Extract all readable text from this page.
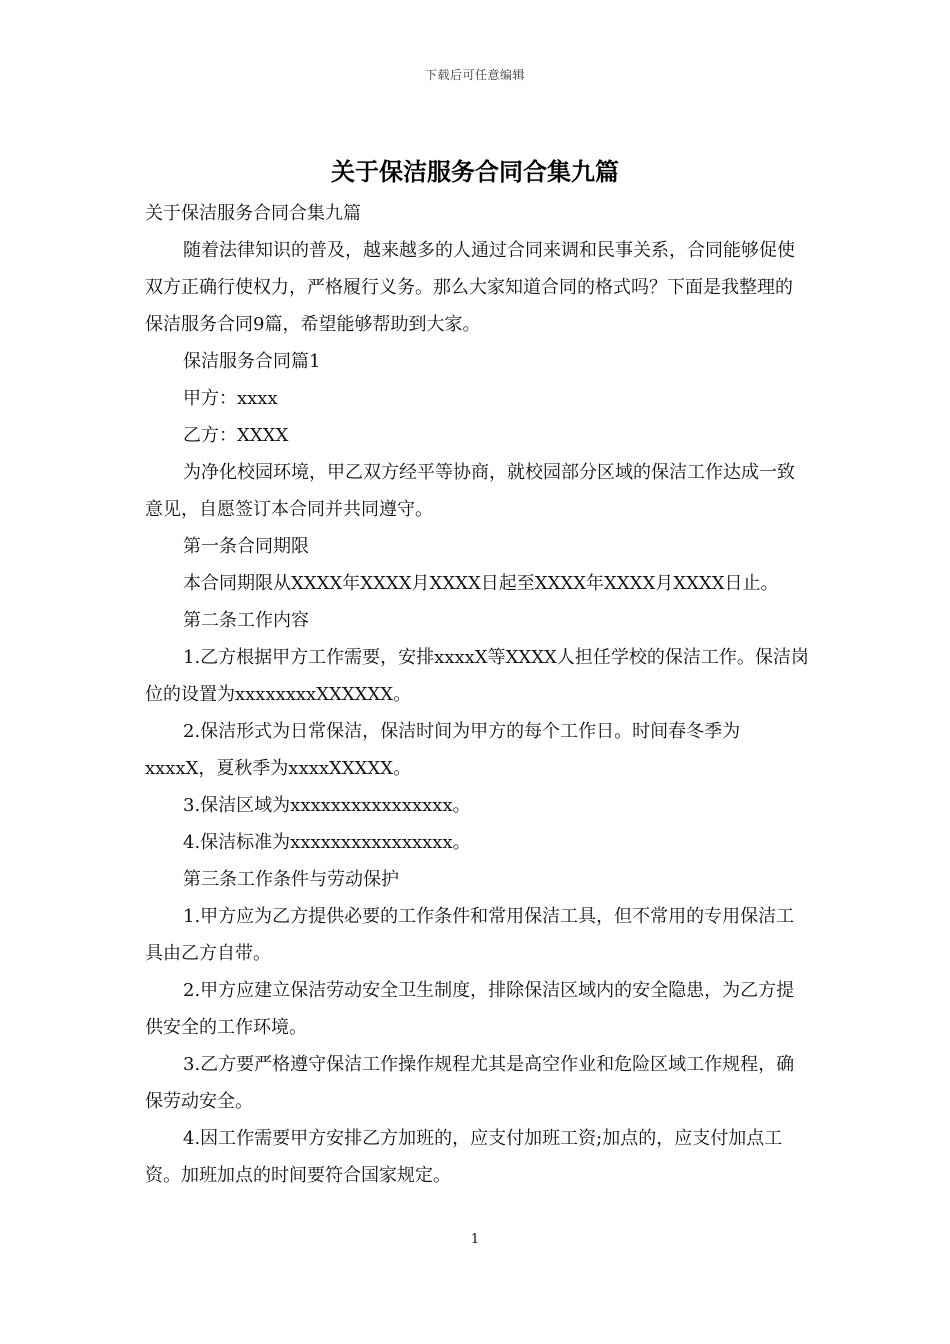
下载后可任意编辑
关于保洁服务合同合集九篇

关于保洁服务合同合集九篇

随着法律知识的普及，越来越多的人通过合同来调和民事关系，合同能够促使双方正确行使权力，严格履行义务。那么大家知道合同的格式吗？下面是我整理的保洁服务合同9篇，希望能够帮助到大家。

保洁服务合同篇1

甲方：xxxx

乙方：XXXX

为净化校园环境，甲乙双方经平等协商，就校园部分区域的保洁工作达成一致意见，自愿签订本合同并共同遵守。

第一条合同期限

本合同期限从XXXX年XXXX月XXXX日起至XXXX年XXXX月XXXX日止。

第二条工作内容

1.乙方根据甲方工作需要，安排xxxxX等XXXX人担任学校的保洁工作。保洁岗位的设置为xxxxxxxxXXXXXX。

2.保洁形式为日常保洁，保洁时间为甲方的每个工作日。时间春冬季为xxxxX，夏秋季为xxxxXXXXX。

3.保洁区域为xxxxxxxxxxxxxxxx。

4.保洁标准为xxxxxxxxxxxxxxxx。

第三条工作条件与劳动保护

1.甲方应为乙方提供必要的工作条件和常用保洁工具，但不常用的专用保洁工具由乙方自带。

2.甲方应建立保洁劳动安全卫生制度，排除保洁区域内的安全隐患，为乙方提供安全的工作环境。

3.乙方要严格遵守保洁工作操作规程尤其是高空作业和危险区域工作规程，确保劳动安全。

4.因工作需要甲方安排乙方加班的，应支付加班工资;加点的，应支付加点工资。加班加点的时间要符合国家规定。

1
